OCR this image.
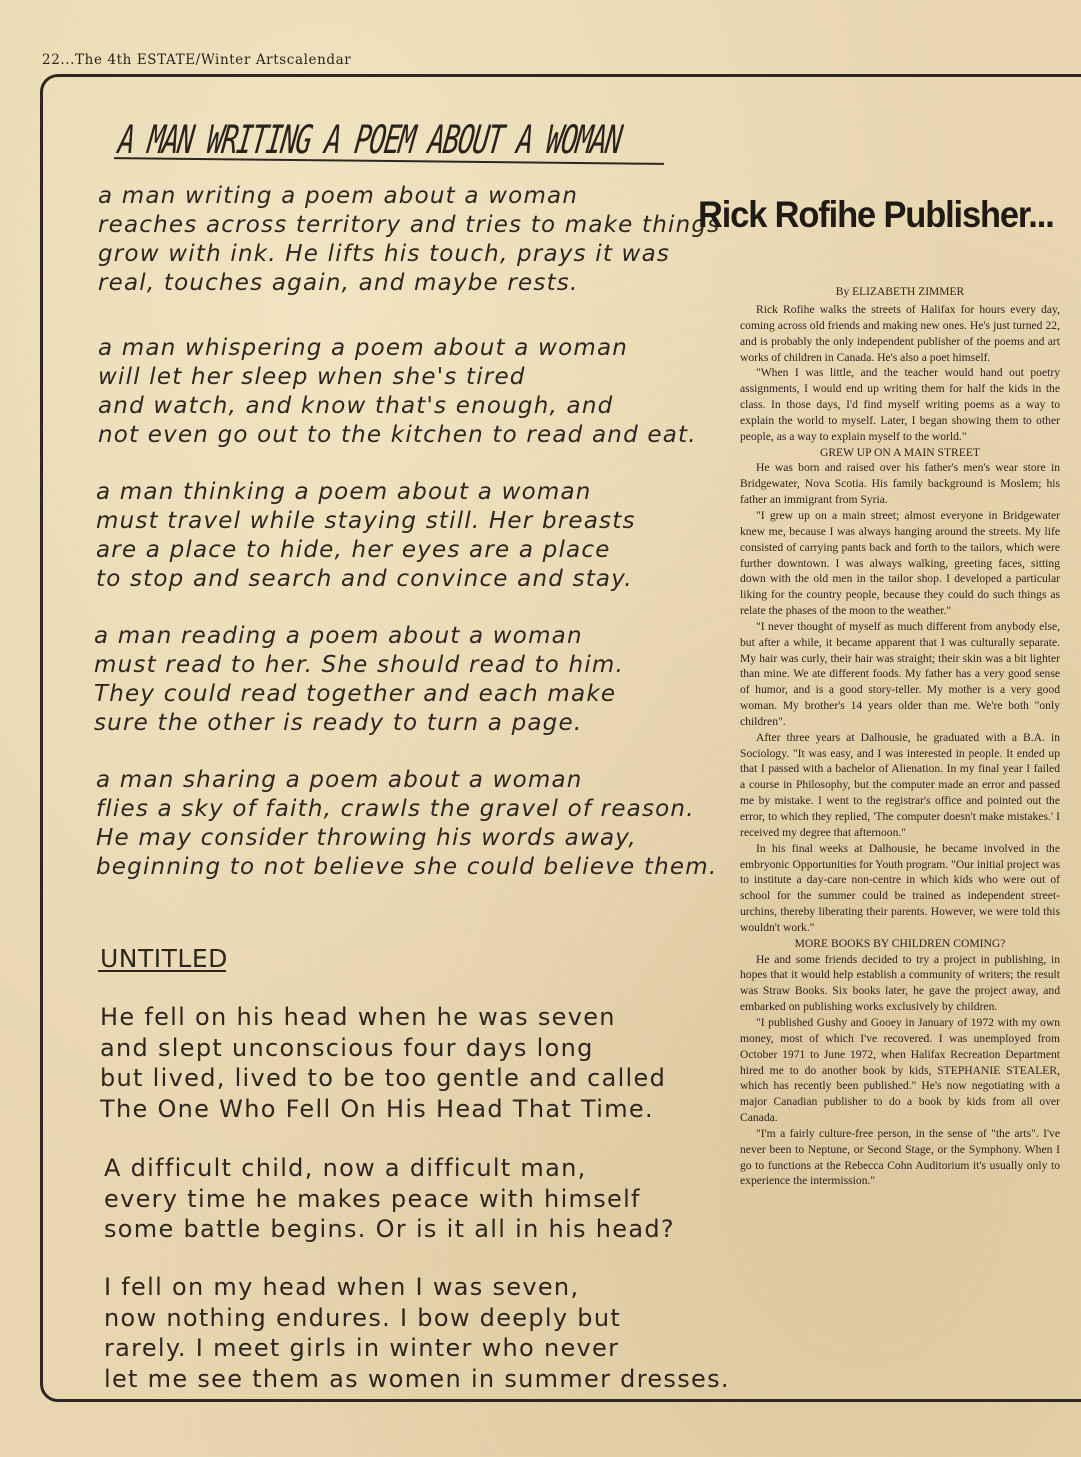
22...The 4th ESTATE/Winter Artscalendar
A MAN WRITING A POEM ABOUT A WOMAN
a man writing a poem about a woman
reaches across territory and tries to make things
grow with ink. He lifts his touch, prays it was
real, touches again, and maybe rests.
a man whispering a poem about a woman
will let her sleep when she's tired
and watch, and know that's enough, and
not even go out to the kitchen to read and eat.
a man thinking a poem about a woman
must travel while staying still. Her breasts
are a place to hide, her eyes are a place
to stop and search and convince and stay.
a man reading a poem about a woman
must read to her. She should read to him.
They could read together and each make
sure the other is ready to turn a page.
a man sharing a poem about a woman
flies a sky of faith, crawls the gravel of reason.
He may consider throwing his words away,
beginning to not believe she could believe them.
UNTITLED
He fell on his head when he was seven
and slept unconscious four days long
but lived, lived to be too gentle and called
The One Who Fell On His Head That Time.
A difficult child, now a difficult man,
every time he makes peace with himself
some battle begins. Or is it all in his head?
I fell on my head when I was seven,
now nothing endures. I bow deeply but
rarely. I meet girls in winter who never
let me see them as women in summer dresses.
Rick Rofihe Publisher...
By ELIZABETH ZIMMER

Rick Rofihe walks the streets of Halifax for hours every day, coming across old friends and making new ones. He's just turned 22, and is probably the only independent publisher of the poems and art works of children in Canada. He's also a poet himself.

"When I was little, and the teacher would hand out poetry assignments, I would end up writing them for half the kids in the class. In those days, I'd find myself writing poems as a way to explain the world to myself. Later, I began showing them to other people, as a way to explain myself to the world."

GREW UP ON A MAIN STREET

He was born and raised over his father's men's wear store in Bridgewater, Nova Scotia. His family background is Moslem; his father an immigrant from Syria.

"I grew up on a main street; almost everyone in Bridgewater knew me, because I was always hanging around the streets. My life consisted of carrying pants back and forth to the tailors, which were further downtown. I was always walking, greeting faces, sitting down with the old men in the tailor shop. I developed a particular liking for the country people, because they could do such things as relate the phases of the moon to the weather."

"I never thought of myself as much different from anybody else, but after a while, it became apparent that I was culturally separate. My hair was curly, their hair was straight; their skin was a bit lighter than mine. We ate different foods. My father has a very good sense of humor, and is a good story-teller. My mother is a very good woman. My brother's 14 years older than me. We're both "only children".

After three years at Dalhousie, he graduated with a B.A. in Sociology. "It was easy, and I was interested in people. It ended up that I passed with a bachelor of Alienation. In my final year I failed a course in Philosophy, but the computer made an error and passed me by mistake. I went to the registrar's office and pointed out the error, to which they replied, 'The computer doesn't make mistakes.' I received my degree that afternoon."

In his final weeks at Dalhousie, he became involved in the embryonic Opportunities for Youth program. "Our initial project was to institute a day-care non-centre in which kids who were out of school for the summer could be trained as independent street-urchins, thereby liberating their parents. However, we were told this wouldn't work."

MORE BOOKS BY CHILDREN COMING?

He and some friends decided to try a project in publishing, in hopes that it would help establish a community of writers; the result was Straw Books. Six books later, he gave the project away, and embarked on publishing works exclusively by children.

"I published Gushy and Gooey in January of 1972 with my own money, most of which I've recovered. I was unemployed from October 1971 to June 1972, when Halifax Recreation Department hired me to do another book by kids, STEPHANIE STEALER, which has recently been published." He's now negotiating with a major Canadian publisher to do a book by kids from all over Canada.

"I'm a fairly culture-free person, in the sense of "the arts". I've never been to Neptune, or Second Stage, or the Symphony. When I go to functions at the Rebecca Cohn Auditorium it's usually only to experience the intermission."
